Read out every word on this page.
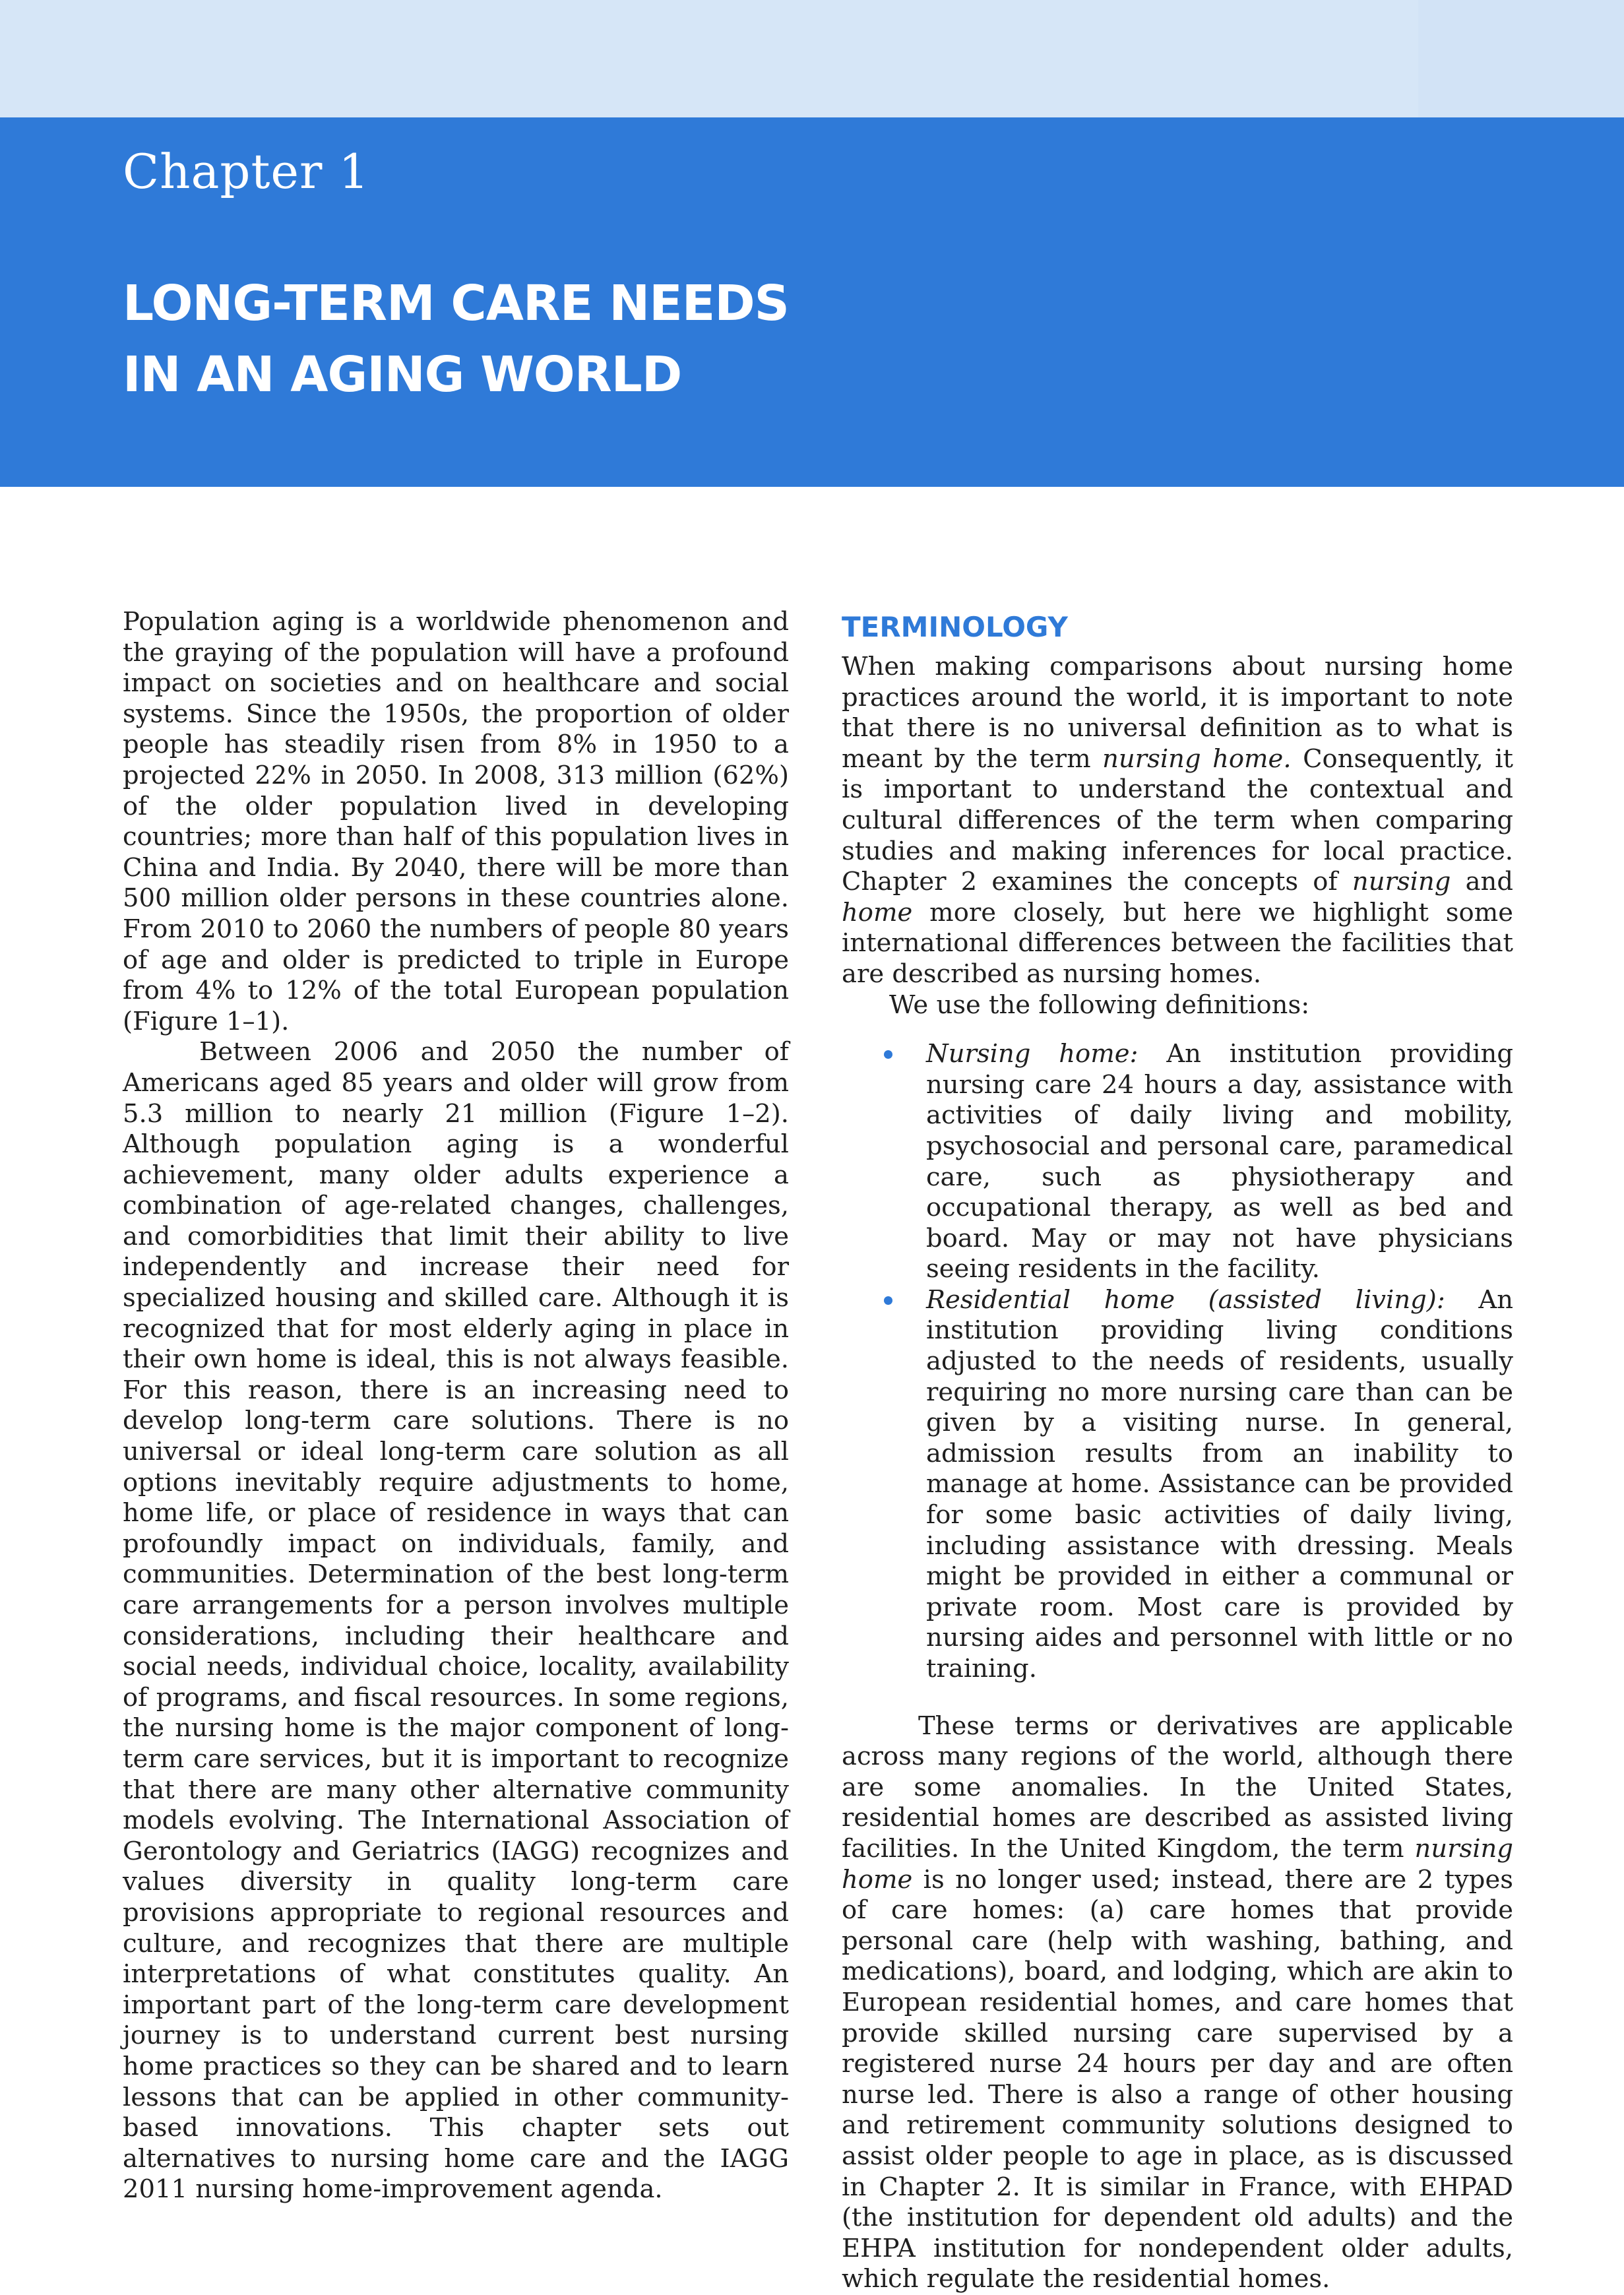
Chapter 1
LONG-TERM CARE NEEDS
IN AN AGING WORLD

Population aging is a worldwide phenomenon and the graying of the population will have a profound impact on societies and on healthcare and social systems. Since the 1950s, the proportion of older people has steadily risen from 8% in 1950 to a projected 22% in 2050. In 2008, 313 million (62%) of the older population lived in developing countries; more than half of this population lives in China and India. By 2040, there will be more than 500 million older persons in these countries alone. From 2010 to 2060 the numbers of people 80 years of age and older is predicted to triple in Europe from 4% to 12% of the total European population (Figure 1–1).

Between 2006 and 2050 the number of Americans aged 85 years and older will grow from 5.3 million to nearly 21 million (Figure 1–2). Although population aging is a wonderful achievement, many older adults experience a combination of age-related changes, challenges, and comorbidities that limit their ability to live independently and increase their need for specialized housing and skilled care. Although it is recognized that for most elderly aging in place in their own home is ideal, this is not always feasible. For this reason, there is an increasing need to develop long-term care solutions. There is no universal or ideal long-term care solution as all options inevitably require adjustments to home, home life, or place of residence in ways that can profoundly impact on individuals, family, and communities. Determination of the best long-term care arrangements for a person involves multiple considerations, including their healthcare and social needs, individual choice, locality, availability of programs, and fiscal resources. In some regions, the nursing home is the major component of long-term care services, but it is important to recognize that there are many other alternative community models evolving. The International Association of Gerontology and Geriatrics (IAGG) recognizes and values diversity in quality long-term care provisions appropriate to regional resources and culture, and recognizes that there are multiple interpretations of what constitutes quality. An important part of the long-term care development journey is to understand current best nursing home practices so they can be shared and to learn lessons that can be applied in other community-based innovations. This chapter sets out alternatives to nursing home care and the IAGG 2011 nursing home-improvement agenda.

TERMINOLOGY

When making comparisons about nursing home practices around the world, it is important to note that there is no universal definition as to what is meant by the term nursing home. Consequently, it is important to understand the contextual and cultural differences of the term when comparing studies and making inferences for local practice. Chapter 2 examines the concepts of nursing and home more closely, but here we highlight some international differences between the facilities that are described as nursing homes.

We use the following definitions:

Nursing home: An institution providing nursing care 24 hours a day, assistance with activities of daily living and mobility, psychosocial and personal care, paramedical care, such as physiotherapy and occupational therapy, as well as bed and board. May or may not have physicians seeing residents in the facility.
Residential home (assisted living): An institution providing living conditions adjusted to the needs of residents, usually requiring no more nursing care than can be given by a visiting nurse. In general, admission results from an inability to manage at home. Assistance can be provided for some basic activities of daily living, including assistance with dressing. Meals might be provided in either a communal or private room. Most care is provided by nursing aides and personnel with little or no training.

These terms or derivatives are applicable across many regions of the world, although there are some anomalies. In the United States, residential homes are described as assisted living facilities. In the United Kingdom, the term nursing home is no longer used; instead, there are 2 types of care homes: (a) care homes that provide personal care (help with washing, bathing, and medications), board, and lodging, which are akin to European residential homes, and care homes that provide skilled nursing care supervised by a registered nurse 24 hours per day and are often nurse led. There is also a range of other housing and retirement community solutions designed to assist older people to age in place, as is discussed in Chapter 2. It is similar in France, with EHPAD (the institution for dependent old adults) and the EHPA institution for nondependent older adults, which regulate the residential homes.
